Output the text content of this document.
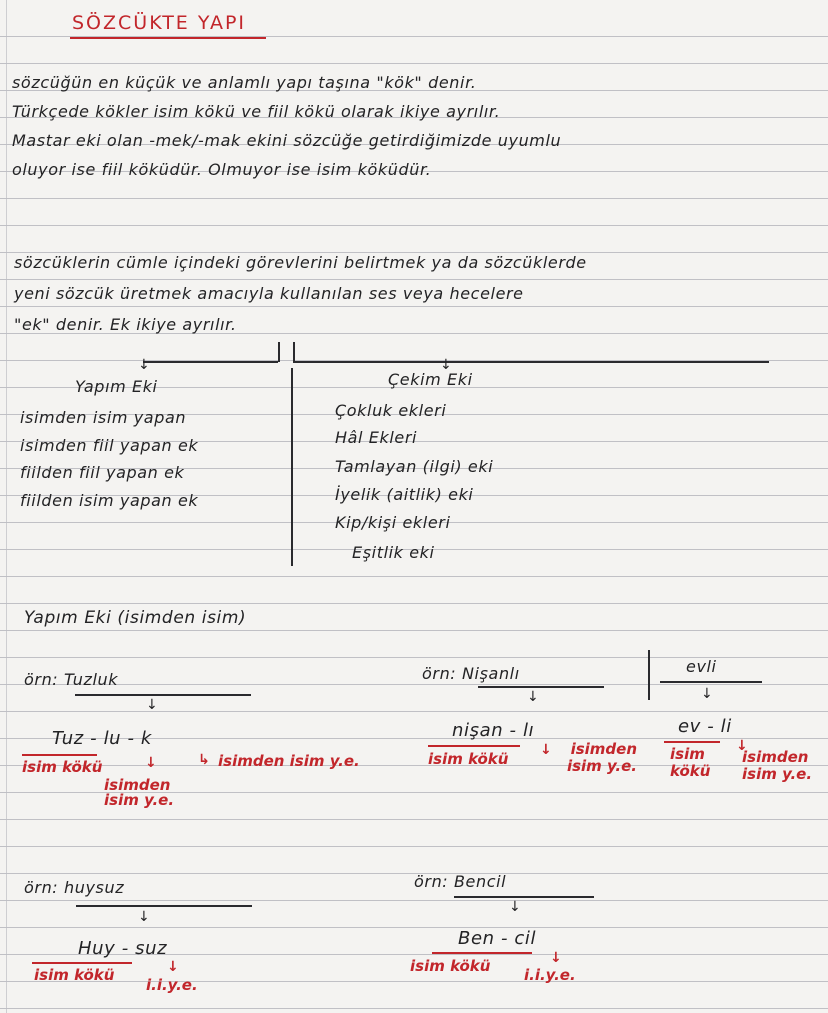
SÖZCÜKTE YAPI
sözcüğün en küçük ve anlamlı yapı taşına "kök" denir.
Türkçede kökler isim kökü ve fiil kökü olarak ikiye ayrılır.
Mastar eki olan -mek/-mak ekini sözcüğe getirdiğimizde uyumlu
oluyor ise fiil köküdür. Olmuyor ise isim köküdür.
sözcüklerin cümle içindeki görevlerini belirtmek ya da sözcüklerde
yeni sözcük üretmek amacıyla kullanılan ses veya hecelere
"ek" denir. Ek ikiye ayrılır.
↓	↓
Yapım Eki
isimden isim yapan
isimden fiil yapan ek
fiilden fiil yapan ek
fiilden isim yapan ek
Çekim Eki
Çokluk ekleri
Hâl Ekleri
Tamlayan (ilgi) eki
İyelik (aitlik) eki
Kip/kişi ekleri
Eşitlik eki
Yapım Eki (isimden isim)
örn: Tuzluk
↓
Tuz - lu - k
isim kökü	↓
isimden isim y.e.
↳ isimden isim y.e.
örn: Nişanlı
↓
nişan - lı
isim kökü ↓	isimden isim y.e.
evli
↓
ev - li
isim kökü
↓
isimden isim y.e.
örn: huysuz
↓
Huy - suz
isim kökü	↓
i.i.y.e.
örn: Bencil
↓
Ben - cil
isim kökü	↓
i.i.y.e.
